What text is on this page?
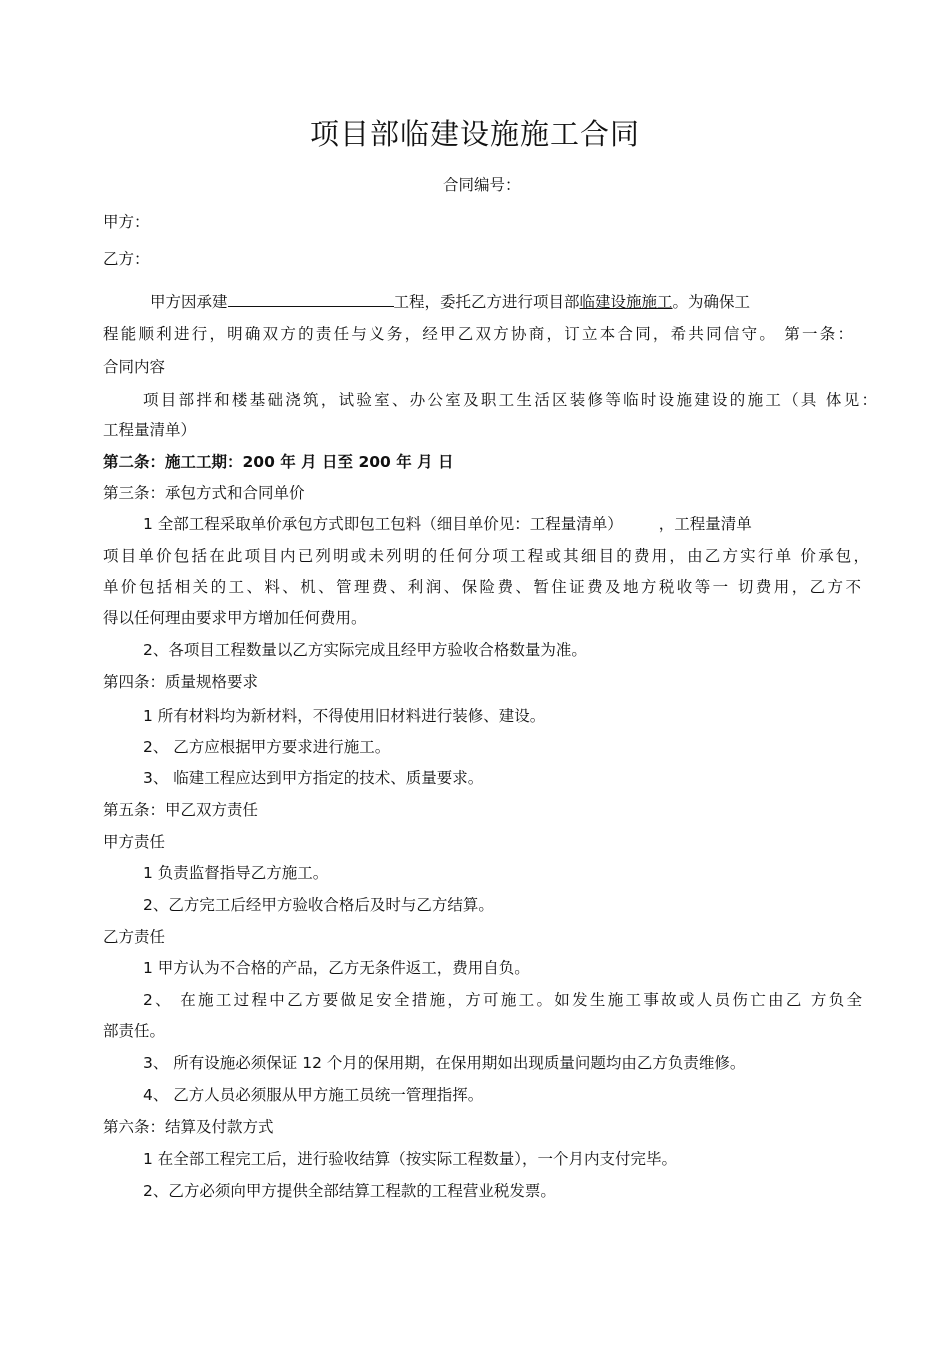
项目部临建设施施工合同
合同编号：
甲方：
乙方：
甲方因承建	工程，委托乙方进行项目部临建设施施工。为确保工
程能顺利进行，明确双方的责任与义务，经甲乙双方协商，订立本合同，希共同信守。 第一条：
合同内容
项目部拌和楼基础浇筑，试验室、办公室及职工生活区装修等临时设施建设的施工（具 体见：
工程量清单）
第二条：施工工期：200 年 月 日至 200 年 月 日
第三条：承包方式和合同单价
1 全部工程采取单价承包方式即包工包料（细目单价见：工程量清单） ，工程量清单
项目单价包括在此项目内已列明或未列明的任何分项工程或其细目的费用，由乙方实行单 价承包，
单价包括相关的工、料、机、管理费、利润、保险费、暂住证费及地方税收等一 切费用，乙方不
得以任何理由要求甲方增加任何费用。
2、各项目工程数量以乙方实际完成且经甲方验收合格数量为准。
第四条：质量规格要求
1 所有材料均为新材料，不得使用旧材料进行装修、建设。
2、 乙方应根据甲方要求进行施工。
3、 临建工程应达到甲方指定的技术、质量要求。
第五条：甲乙双方责任
甲方责任
1 负责监督指导乙方施工。
2、乙方完工后经甲方验收合格后及时与乙方结算。
乙方责任
1 甲方认为不合格的产品，乙方无条件返工，费用自负。
2、 在施工过程中乙方要做足安全措施，方可施工。如发生施工事故或人员伤亡由乙 方负全
部责任。
3、 所有设施必须保证 12 个月的保用期，在保用期如出现质量问题均由乙方负责维修。
4、 乙方人员必须服从甲方施工员统一管理指挥。
第六条：结算及付款方式
1 在全部工程完工后，进行验收结算（按实际工程数量），一个月内支付完毕。
2、乙方必须向甲方提供全部结算工程款的工程营业税发票。
